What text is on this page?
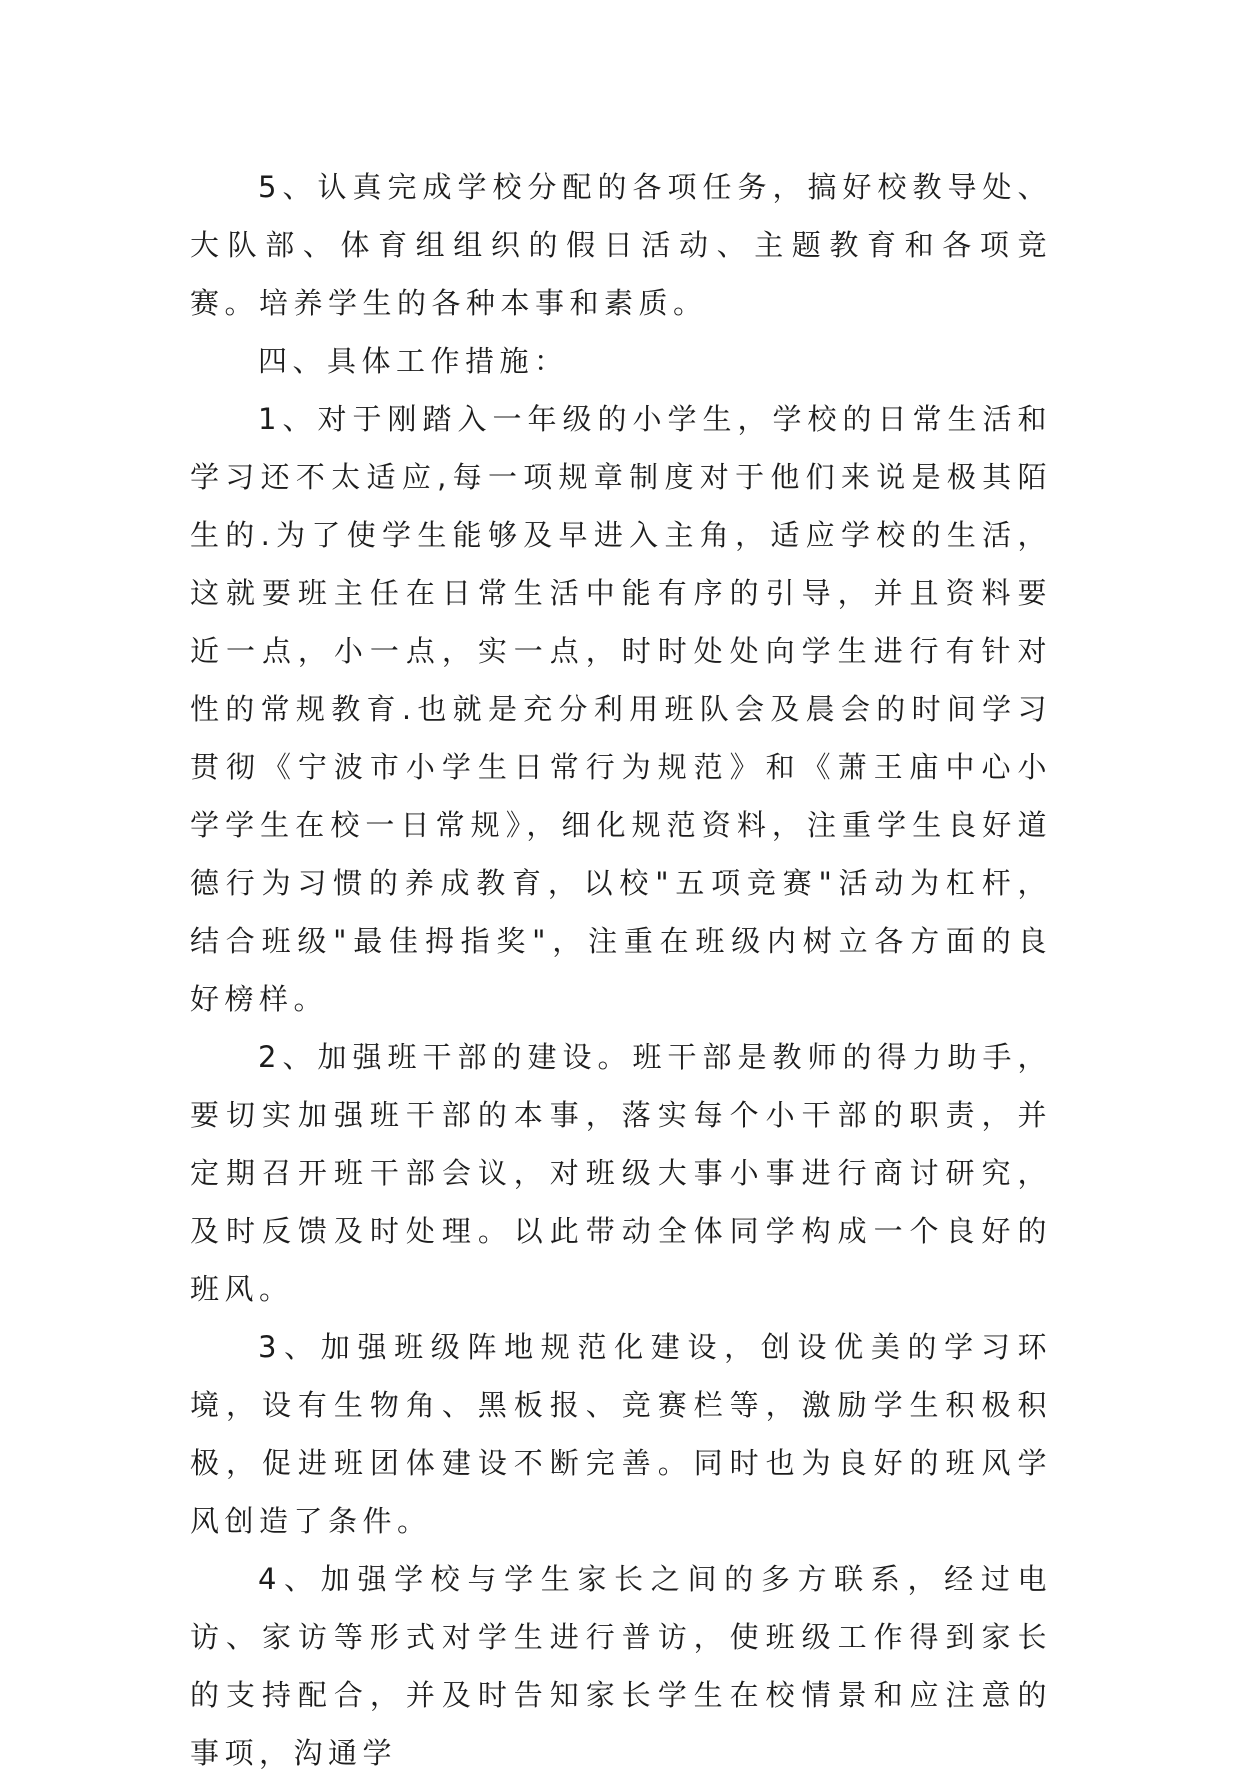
5、认真完成学校分配的各项任务，搞好校教导处、大队部、体育组组织的假日活动、主题教育和各项竞赛。培养学生的各种本事和素质。

四、具体工作措施：

1、对于刚踏入一年级的小学生，学校的日常生活和学习还不太适应,每一项规章制度对于他们来说是极其陌生的.为了使学生能够及早进入主角，适应学校的生活，这就要班主任在日常生活中能有序的引导，并且资料要近一点，小一点，实一点，时时处处向学生进行有针对性的常规教育.也就是充分利用班队会及晨会的时间学习贯彻《宁波市小学生日常行为规范》和《萧王庙中心小学学生在校一日常规》，细化规范资料，注重学生良好道德行为习惯的养成教育，以校"五项竞赛"活动为杠杆，结合班级"最佳拇指奖"，注重在班级内树立各方面的良好榜样。

2、加强班干部的建设。班干部是教师的得力助手，要切实加强班干部的本事，落实每个小干部的职责，并定期召开班干部会议，对班级大事小事进行商讨研究，及时反馈及时处理。以此带动全体同学构成一个良好的班风。

3、加强班级阵地规范化建设，创设优美的学习环境，设有生物角、黑板报、竞赛栏等，激励学生积极积极，促进班团体建设不断完善。同时也为良好的班风学风创造了条件。

4、加强学校与学生家长之间的多方联系，经过电访、家访等形式对学生进行普访，使班级工作得到家长的支持配合，并及时告知家长学生在校情景和应注意的事项，沟通学
